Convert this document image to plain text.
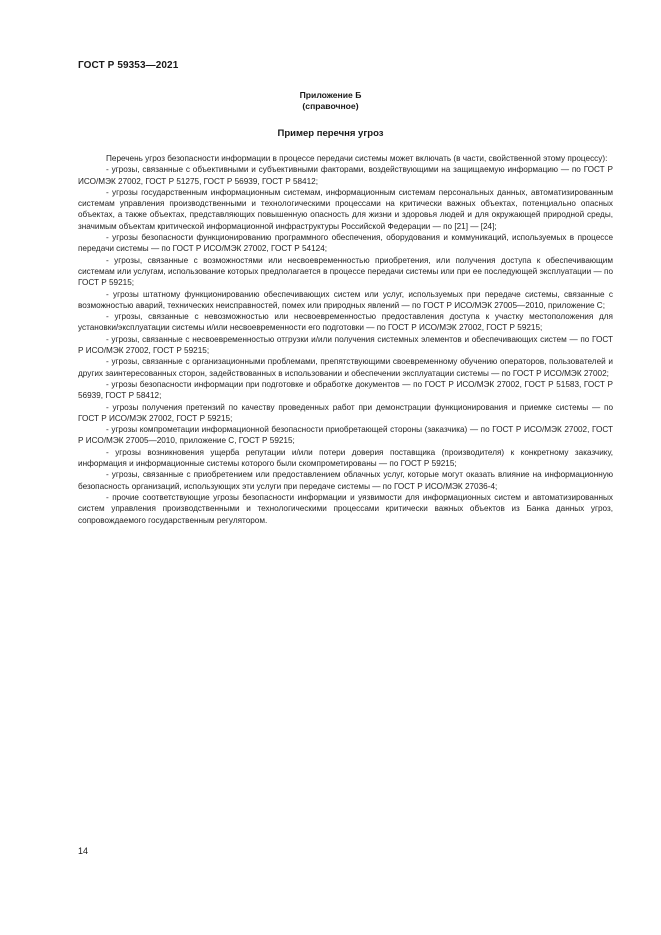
ГОСТ Р 59353—2021
Приложение Б
(справочное)
Пример перечня угроз

Перечень угроз безопасности информации в процессе передачи системы может включать (в части, свойственной этому процессу):

- угрозы, связанные с объективными и субъективными факторами, воздействующими на защищаемую информацию — по ГОСТ Р ИСО/МЭК 27002, ГОСТ Р 51275, ГОСТ Р 56939, ГОСТ Р 58412;

- угрозы государственным информационным системам, информационным системам персональных данных, автоматизированным системам управления производственными и технологическими процессами на критически важных объектах, потенциально опасных объектах, а также объектах, представляющих повышенную опасность для жизни и здоровья людей и для окружающей природной среды, значимым объектам критической информационной инфраструктуры Российской Федерации — по [21] — [24];

- угрозы безопасности функционированию программного обеспечения, оборудования и коммуникаций, используемых в процессе передачи системы — по ГОСТ Р ИСО/МЭК 27002, ГОСТ Р 54124;

- угрозы, связанные с возможностями или несвоевременностью приобретения, или получения доступа к обеспечивающим системам или услугам, использование которых предполагается в процессе передачи системы или при ее последующей эксплуатации — по ГОСТ Р 59215;

- угрозы штатному функционированию обеспечивающих систем или услуг, используемых при передаче системы, связанные с возможностью аварий, технических неисправностей, помех или природных явлений — по ГОСТ Р ИСО/МЭК 27005—2010, приложение С;

- угрозы, связанные с невозможностью или несвоевременностью предоставления доступа к участку местоположения для установки/эксплуатации системы и/или несвоевременности его подготовки — по ГОСТ Р ИСО/МЭК 27002, ГОСТ Р 59215;

- угрозы, связанные с несвоевременностью отгрузки и/или получения системных элементов и обеспечивающих систем — по ГОСТ Р ИСО/МЭК 27002, ГОСТ Р 59215;

- угрозы, связанные с организационными проблемами, препятствующими своевременному обучению операторов, пользователей и других заинтересованных сторон, задействованных в использовании и обеспечении эксплуатации системы — по ГОСТ Р ИСО/МЭК 27002;

- угрозы безопасности информации при подготовке и обработке документов — по ГОСТ Р ИСО/МЭК 27002, ГОСТ Р 51583, ГОСТ Р 56939, ГОСТ Р 58412;

- угрозы получения претензий по качеству проведенных работ при демонстрации функционирования и приемке системы — по ГОСТ Р ИСО/МЭК 27002, ГОСТ Р 59215;

- угрозы компрометации информационной безопасности приобретающей стороны (заказчика) — по ГОСТ Р ИСО/МЭК 27002, ГОСТ Р ИСО/МЭК 27005—2010, приложение С, ГОСТ Р 59215;

- угрозы возникновения ущерба репутации и/или потери доверия поставщика (производителя) к конкретному заказчику, информация и информационные системы которого были скомпрометированы — по ГОСТ Р 59215;

- угрозы, связанные с приобретением или предоставлением облачных услуг, которые могут оказать влияние на информационную безопасность организаций, использующих эти услуги при передаче системы — по ГОСТ Р ИСО/МЭК 27036-4;

- прочие соответствующие угрозы безопасности информации и уязвимости для информационных систем и автоматизированных систем управления производственными и технологическими процессами критически важных объектов из Банка данных угроз, сопровождаемого государственным регулятором.

14
